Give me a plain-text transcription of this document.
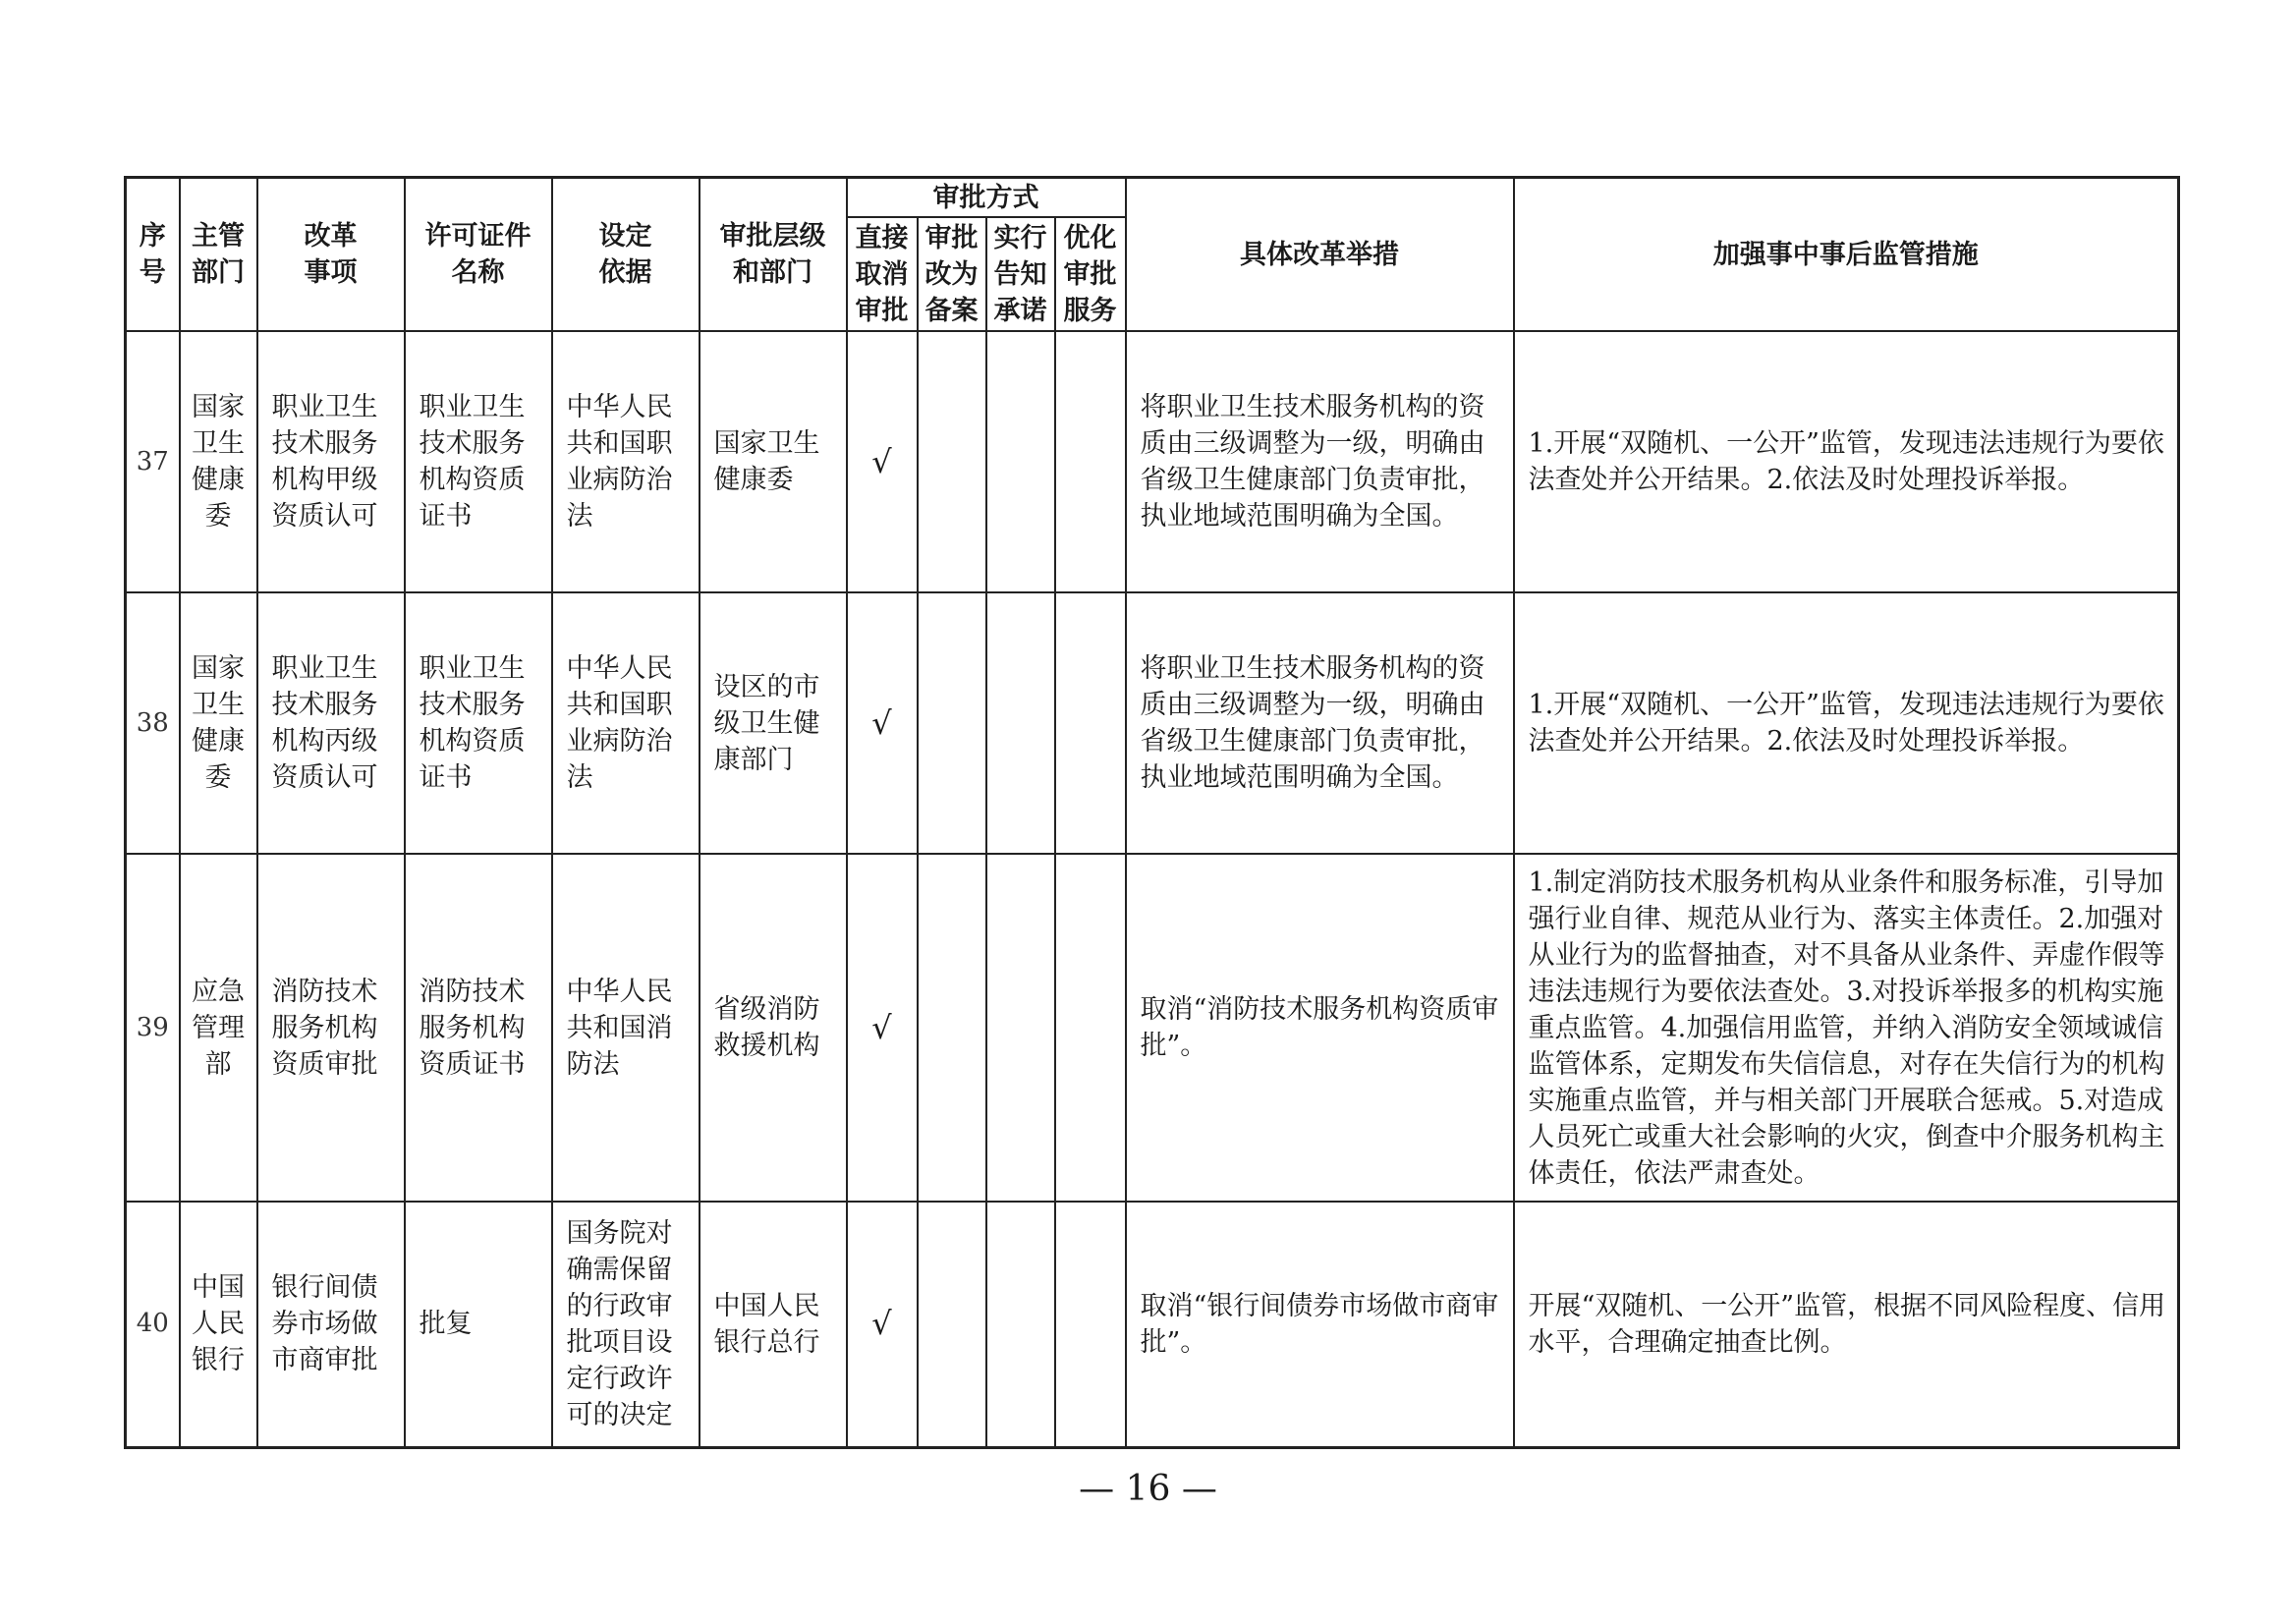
序号	主管部门	改革事项	许可证件名称	设定依据	审批层级和部门	审批方式				具体改革举措	加强事中事后监管措施
						直接取消审批	审批改为备案	实行告知承诺	优化审批服务		
37	国家卫生健康委	职业卫生技术服务机构甲级资质认可	职业卫生技术服务机构资质证书	中华人民共和国职业病防治法	国家卫生健康委	√				将职业卫生技术服务机构的资质由三级调整为一级，明确由省级卫生健康部门负责审批，执业地域范围明确为全国。	1.开展“双随机、一公开”监管，发现违法违规行为要依法查处并公开结果。2.依法及时处理投诉举报。
38	国家卫生健康委	职业卫生技术服务机构丙级资质认可	职业卫生技术服务机构资质证书	中华人民共和国职业病防治法	设区的市级卫生健康部门	√				将职业卫生技术服务机构的资质由三级调整为一级，明确由省级卫生健康部门负责审批，执业地域范围明确为全国。	1.开展“双随机、一公开”监管，发现违法违规行为要依法查处并公开结果。2.依法及时处理投诉举报。
39	应急管理部	消防技术服务机构资质审批	消防技术服务机构资质证书	中华人民共和国消防法	省级消防救援机构	√				取消“消防技术服务机构资质审批”。	1.制定消防技术服务机构从业条件和服务标准，引导加强行业自律、规范从业行为、落实主体责任。2.加强对从业行为的监督抽查，对不具备从业条件、弄虚作假等违法违规行为要依法查处。3.对投诉举报多的机构实施重点监管。4.加强信用监管，并纳入消防安全领域诚信监管体系，定期发布失信信息，对存在失信行为的机构实施重点监管，并与相关部门开展联合惩戒。5.对造成人员死亡或重大社会影响的火灾，倒查中介服务机构主体责任，依法严肃查处。
40	中国人民银行	银行间债券市场做市商审批	批复	国务院对确需保留的行政审批项目设定行政许可的决定	中国人民银行总行	√				取消“银行间债券市场做市商审批”。	开展“双随机、一公开”监管，根据不同风险程度、信用水平，合理确定抽查比例。
— 16 —
